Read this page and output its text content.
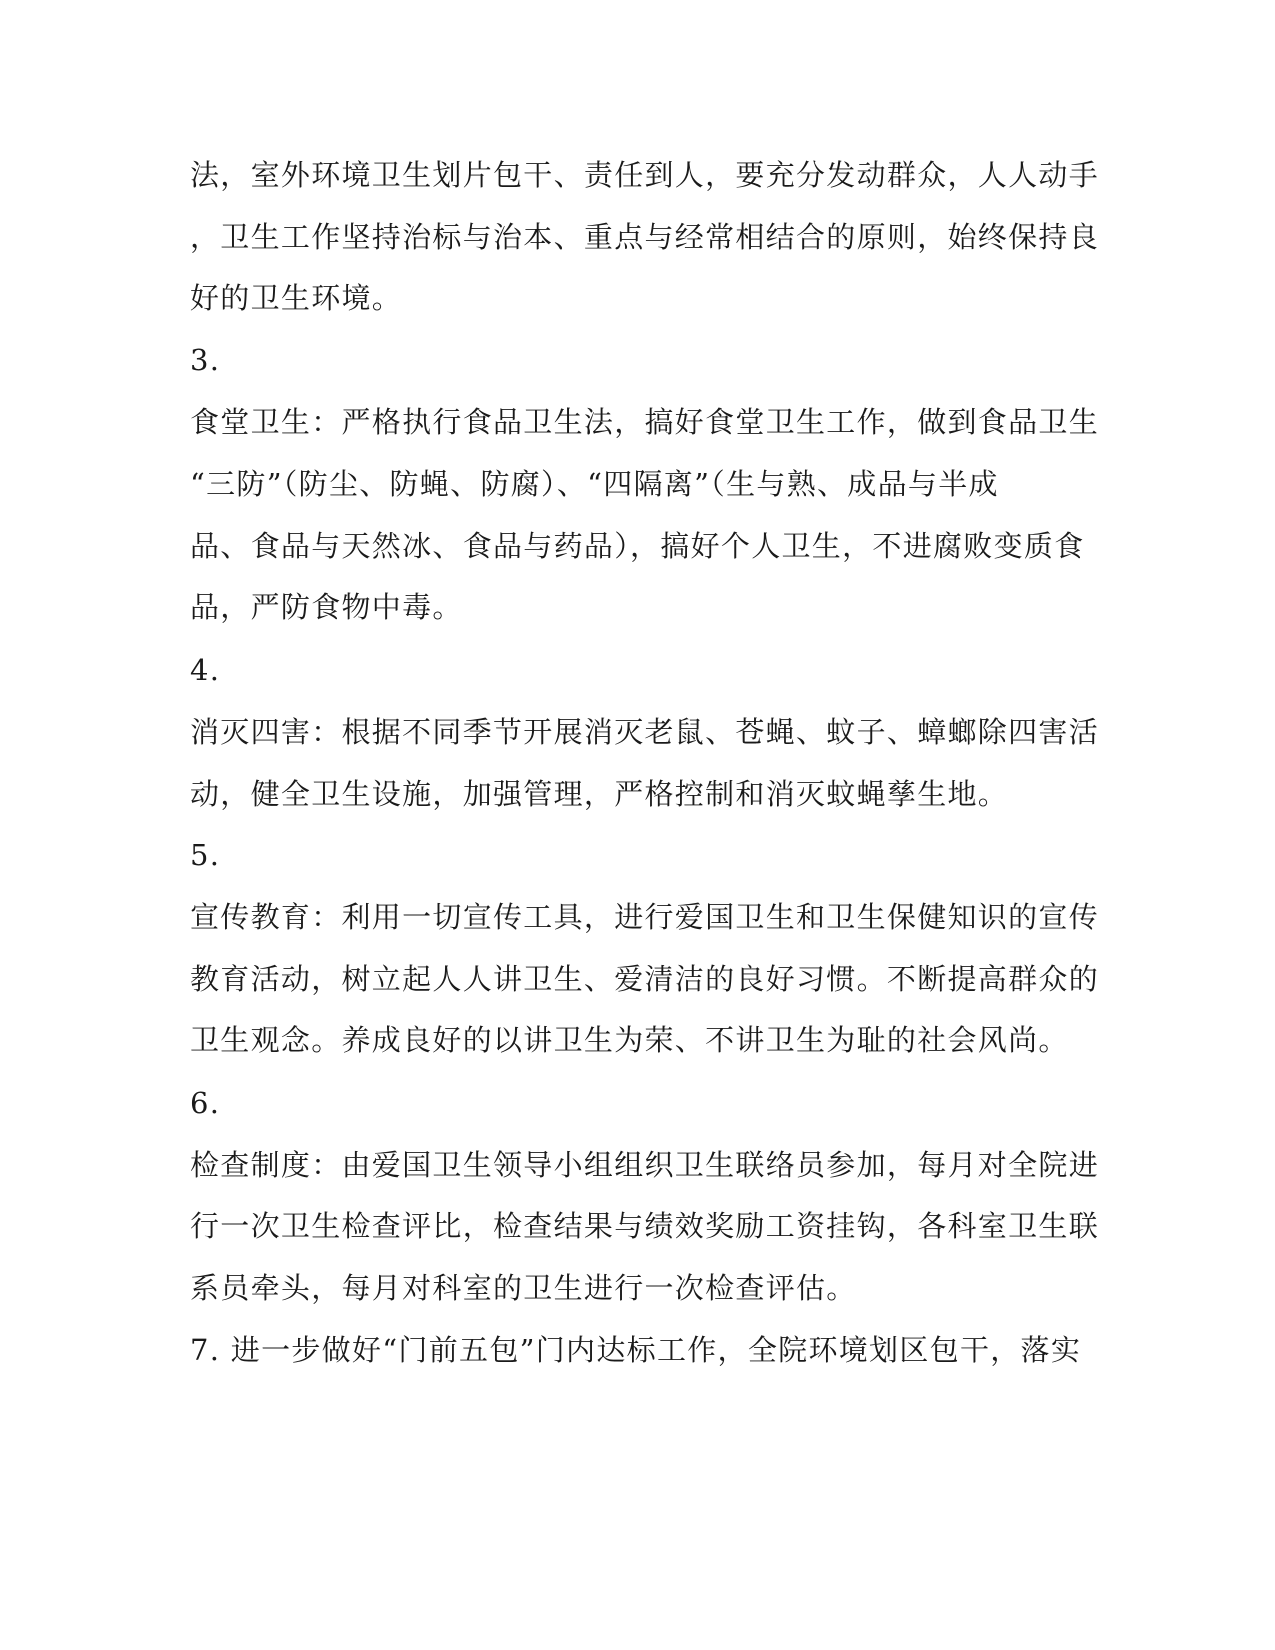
法，室外环境卫生划片包干、责任到人，要充分发动群众，人人动手
，卫生工作坚持治标与治本、重点与经常相结合的原则，始终保持良
好的卫生环境。
3.
食堂卫生：严格执行食品卫生法，搞好食堂卫生工作，做到食品卫生
“三防”（防尘、防蝇、防腐）、“四隔离”（生与熟、成品与半成
品、食品与天然冰、食品与药品），搞好个人卫生，不进腐败变质食
品，严防食物中毒。
4.
消灭四害：根据不同季节开展消灭老鼠、苍蝇、蚊子、蟑螂除四害活
动，健全卫生设施，加强管理，严格控制和消灭蚊蝇孳生地。
5.
宣传教育：利用一切宣传工具，进行爱国卫生和卫生保健知识的宣传
教育活动，树立起人人讲卫生、爱清洁的良好习惯。不断提高群众的
卫生观念。养成良好的以讲卫生为荣、不讲卫生为耻的社会风尚。
6.
检查制度：由爱国卫生领导小组组织卫生联络员参加，每月对全院进
行一次卫生检查评比，检查结果与绩效奖励工资挂钩，各科室卫生联
系员牵头，每月对科室的卫生进行一次检查评估。
7. 进一步做好“门前五包”门内达标工作，全院环境划区包干，落实
